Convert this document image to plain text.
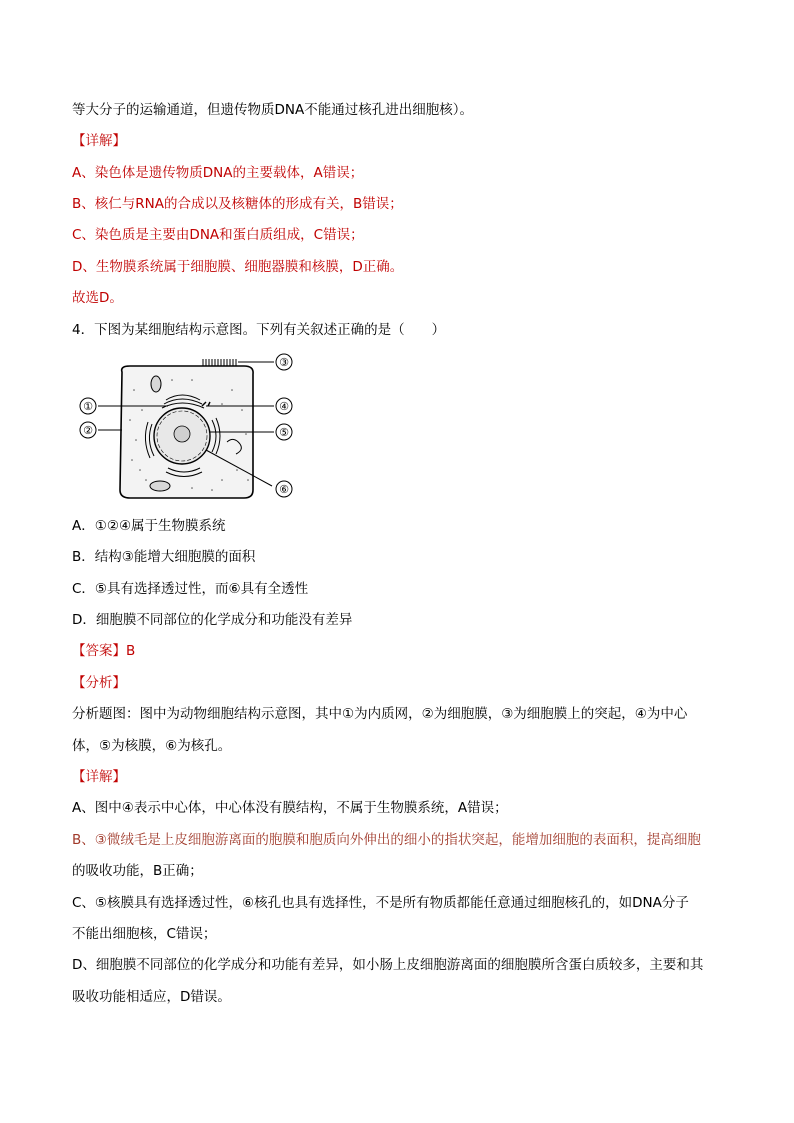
等大分子的运输通道，但遗传物质DNA不能通过核孔进出细胞核）。
【详解】
A、染色体是遗传物质DNA的主要载体，A错误；
B、核仁与RNA的合成以及核糖体的形成有关，B错误；
C、染色质是主要由DNA和蛋白质组成，C错误；
D、生物膜系统属于细胞膜、细胞器膜和核膜，D正确。
故选D。
4．下图为某细胞结构示意图。下列有关叙述正确的是（　　）
③
①
②
④
⑤
⑥
A．①②④属于生物膜系统
B．结构③能增大细胞膜的面积
C．⑤具有选择透过性，而⑥具有全透性
D．细胞膜不同部位的化学成分和功能没有差异
【答案】B
【分析】
分析题图：图中为动物细胞结构示意图，其中①为内质网，②为细胞膜，③为细胞膜上的突起，④为中心
体，⑤为核膜，⑥为核孔。
【详解】
A、图中④表示中心体，中心体没有膜结构，不属于生物膜系统，A错误；
B、③微绒毛是上皮细胞游离面的胞膜和胞质向外伸出的细小的指状突起，能增加细胞的表面积，提高细胞
的吸收功能，B正确；
C、⑤核膜具有选择透过性，⑥核孔也具有选择性，不是所有物质都能任意通过细胞核孔的，如DNA分子
不能出细胞核，C错误；
D、细胞膜不同部位的化学成分和功能有差异，如小肠上皮细胞游离面的细胞膜所含蛋白质较多，主要和其
吸收功能相适应，D错误。
